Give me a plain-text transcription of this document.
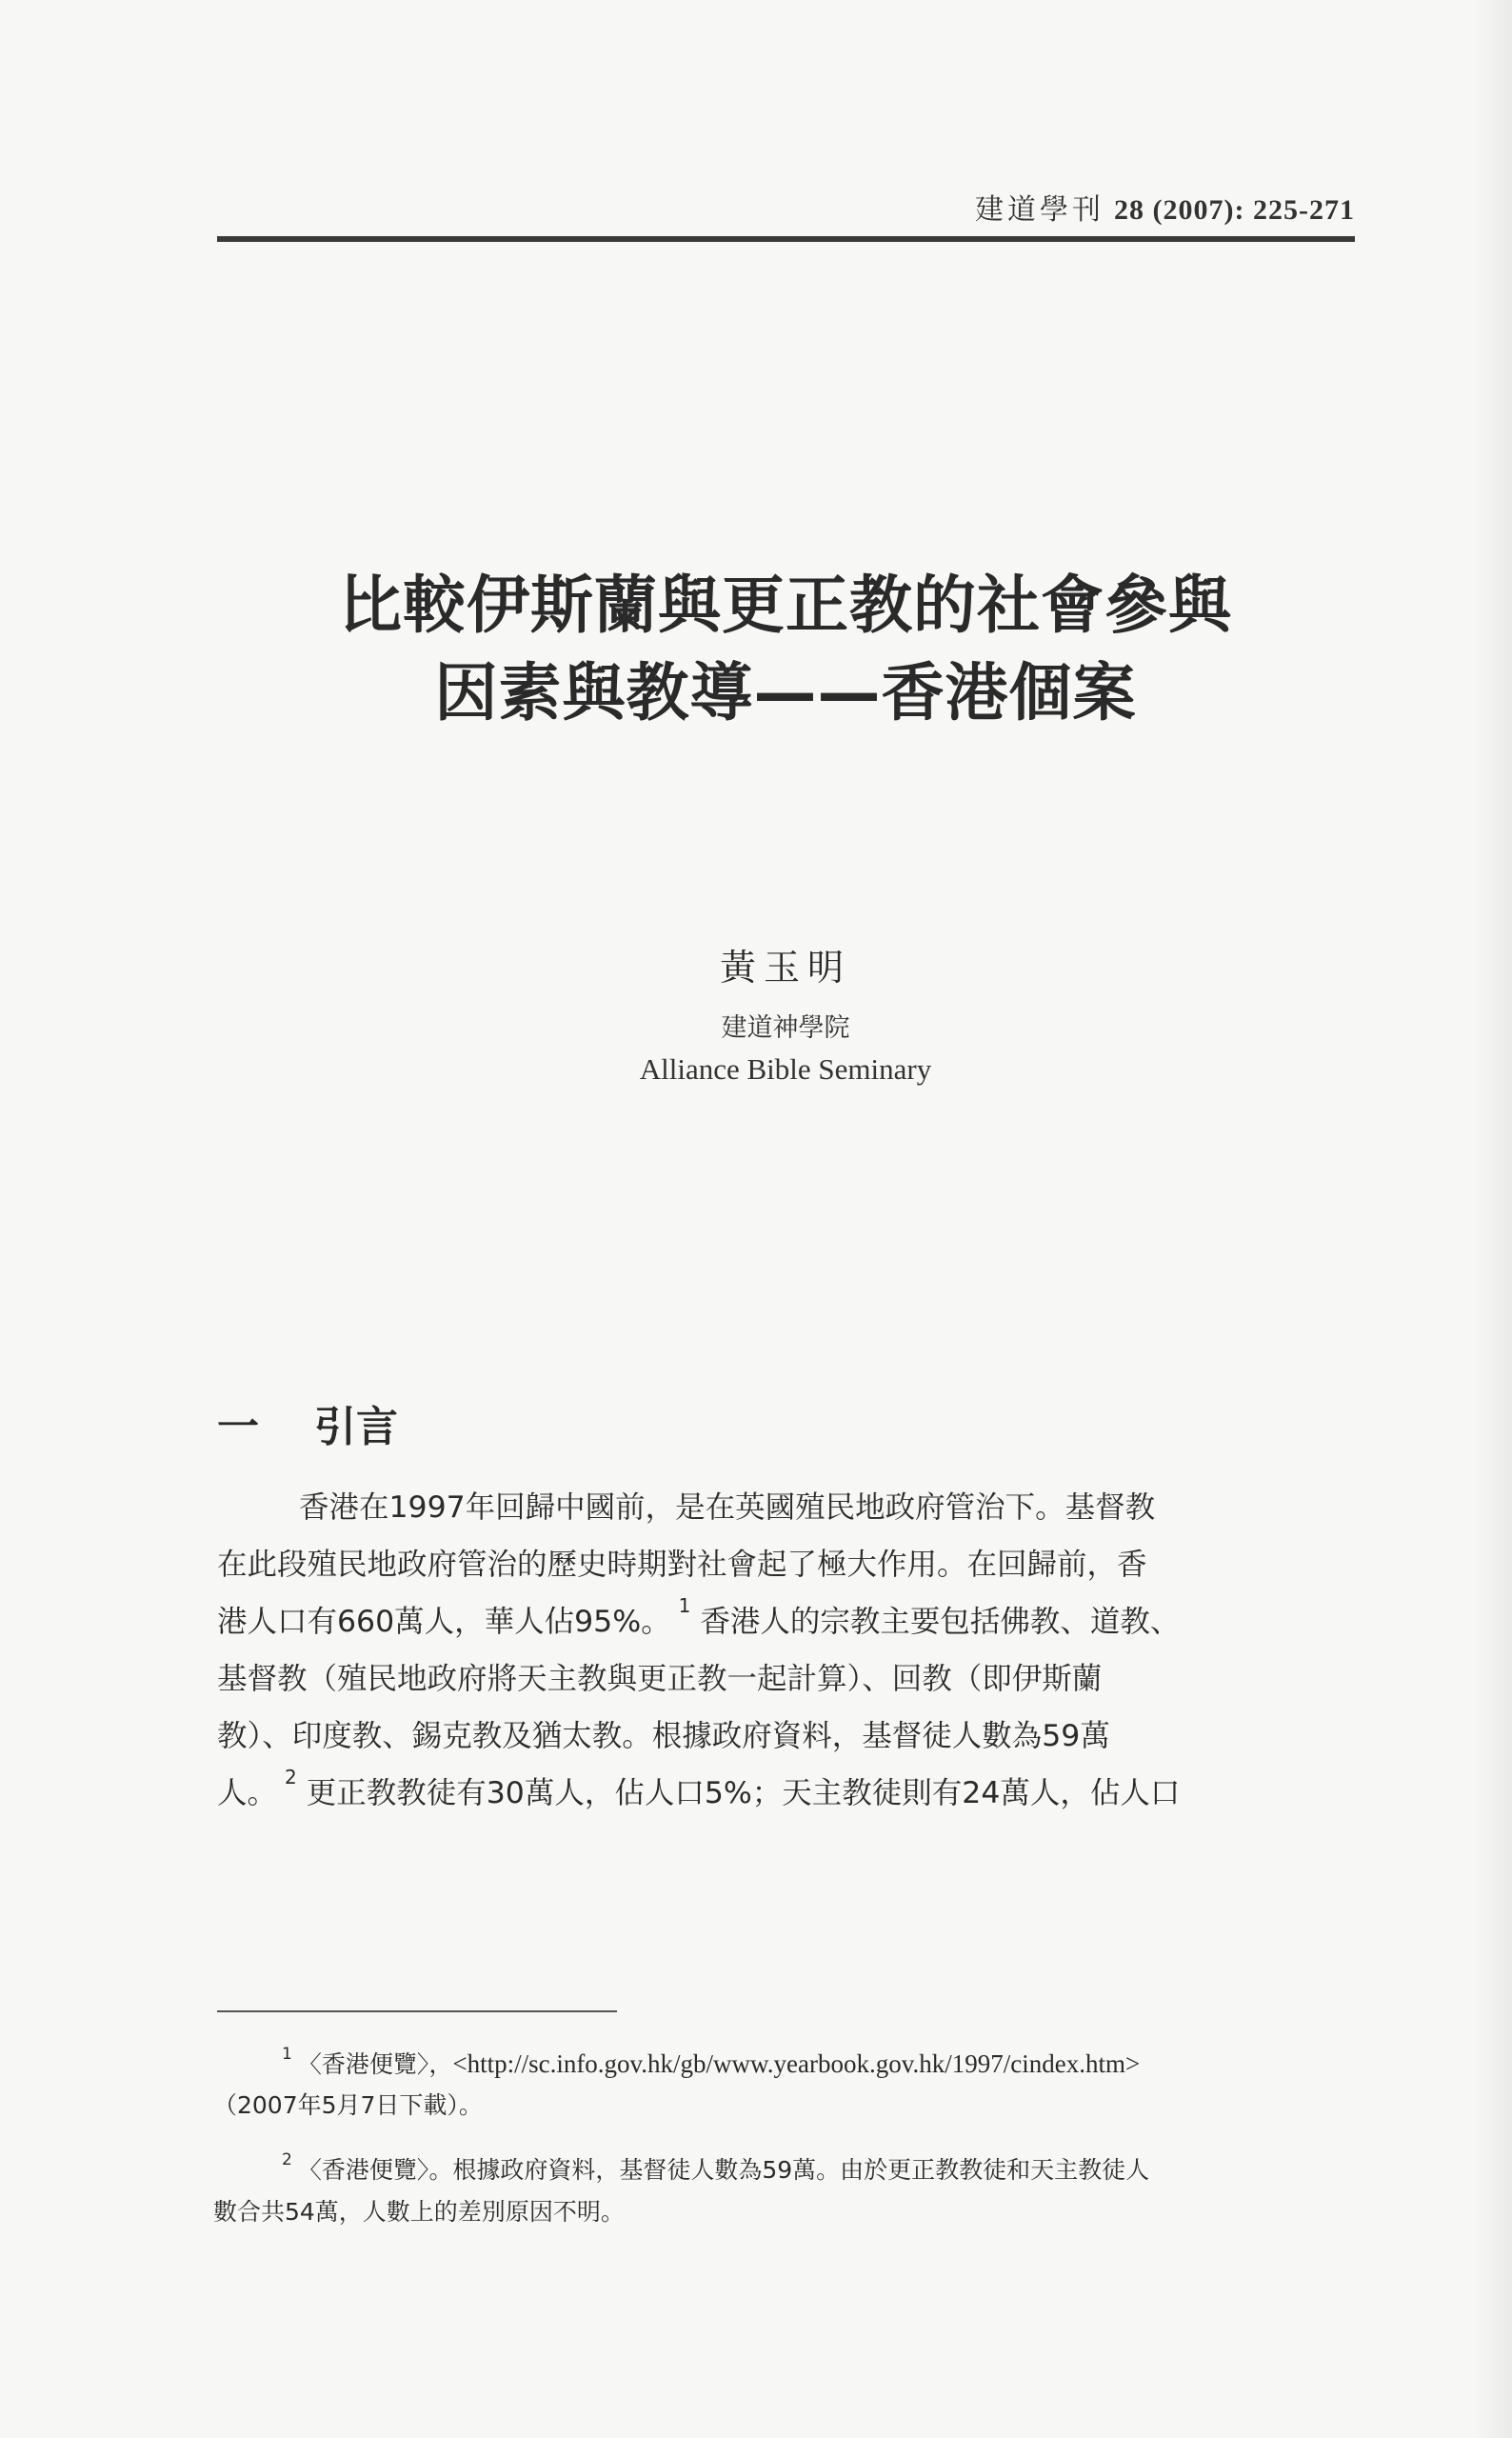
建道學刊 28 (2007): 225-271
比較伊斯蘭與更正教的社會參與
因素與教導——香港個案
黃玉明
建道神學院
Alliance Bible Seminary
一 引言
香港在1997年回歸中國前，是在英國殖民地政府管治下。基督教
在此段殖民地政府管治的歷史時期對社會起了極大作用。在回歸前，香
港人口有660萬人，華人佔95%。 $^1$ 香港人的宗教主要包括佛教、道教、
基督教（殖民地政府將天主教與更正教一起計算）、回教（即伊斯蘭
教）、印度教、錫克教及猶太教。根據政府資料，基督徒人數為59萬
人。 $^2$ 更正教教徒有30萬人，佔人口5%；天主教徒則有24萬人，佔人口
$^1$ 〈香港便覽〉，<http://sc.info.gov.hk/gb/www.yearbook.gov.hk/1997/cindex.htm>
（2007年5月7日下載）。
$^2$ 〈香港便覽〉。根據政府資料，基督徒人數為59萬。由於更正教教徒和天主教徒人
數合共54萬，人數上的差別原因不明。
